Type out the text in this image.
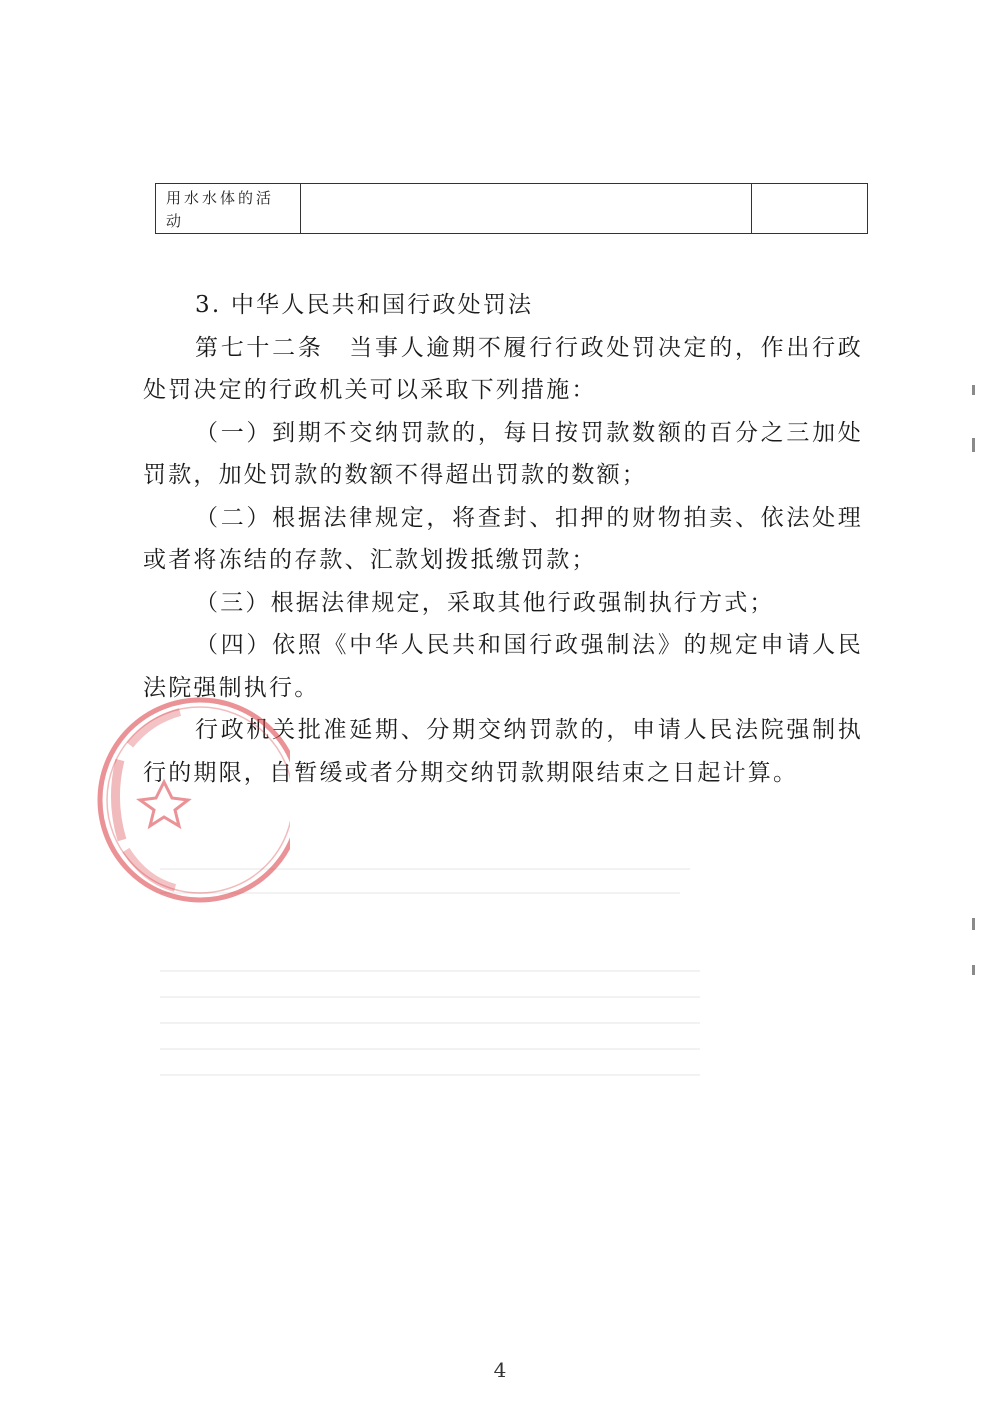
用水水体的活
动

3. 中华人民共和国行政处罚法

第七十二条　当事人逾期不履行行政处罚决定的，作出行政处罚决定的行政机关可以采取下列措施：

（一）到期不交纳罚款的，每日按罚款数额的百分之三加处罚款，加处罚款的数额不得超出罚款的数额；

（二）根据法律规定，将查封、扣押的财物拍卖、依法处理或者将冻结的存款、汇款划拨抵缴罚款；

（三）根据法律规定，采取其他行政强制执行方式；

（四）依照《中华人民共和国行政强制法》的规定申请人民法院强制执行。

行政机关批准延期、分期交纳罚款的，申请人民法院强制执行的期限，自暂缓或者分期交纳罚款期限结束之日起计算。

4
